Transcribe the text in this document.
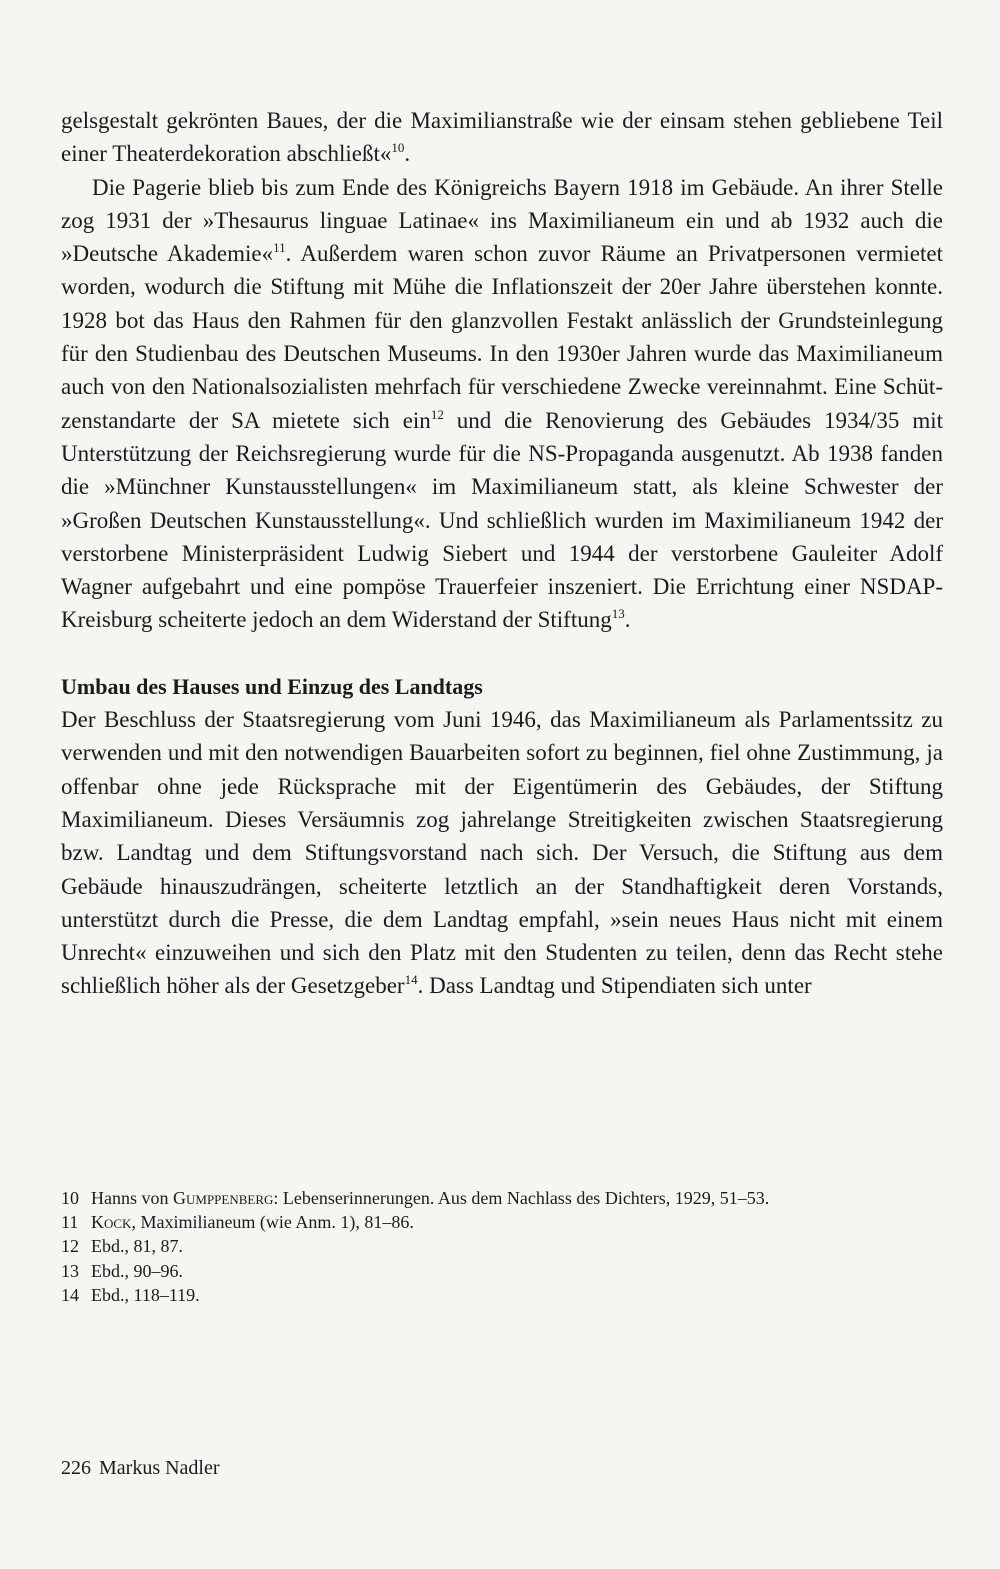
gelsgestalt gekrönten Baues, der die Maximilianstraße wie der einsam stehen gebliebene Teil einer Theaterdekoration abschließt«$^{10}$.

Die Pagerie blieb bis zum Ende des Königreichs Bayern 1918 im Gebäude. An ihrer Stelle zog 1931 der »Thesaurus linguae Latinae« ins Maximilianeum ein und ab 1932 auch die »Deutsche Akademie«$^{11}$. Außerdem waren schon zuvor Räume an Privatpersonen vermietet worden, wodurch die Stiftung mit Mühe die Inflationszeit der 20er Jahre überstehen konnte. 1928 bot das Haus den Rahmen für den glanzvollen Festakt anlässlich der Grundsteinlegung für den Studienbau des Deutschen Museums. In den 1930er Jahren wurde das Maximilianeum auch von den Nationalsozialisten mehrfach für verschiedene Zwecke vereinnahmt. Eine Schützenstandarte der SA mietete sich ein$^{12}$ und die Renovierung des Gebäudes 1934/35 mit Unterstützung der Reichsregierung wurde für die NS-Propaganda ausgenutzt. Ab 1938 fanden die »Münchner Kunstausstellungen« im Maximilianeum statt, als kleine Schwester der »Großen Deutschen Kunstausstellung«. Und schließlich wurden im Maximilianeum 1942 der verstorbene Ministerpräsident Ludwig Siebert und 1944 der verstorbene Gauleiter Adolf Wagner aufgebahrt und eine pompöse Trauerfeier inszeniert. Die Errichtung einer NSDAP-Kreisburg scheiterte jedoch an dem Widerstand der Stiftung$^{13}$.

Umbau des Hauses und Einzug des Landtags

Der Beschluss der Staatsregierung vom Juni 1946, das Maximilianeum als Parlamentssitz zu verwenden und mit den notwendigen Bauarbeiten sofort zu beginnen, fiel ohne Zustimmung, ja offenbar ohne jede Rücksprache mit der Eigentümerin des Gebäudes, der Stiftung Maximilianeum. Dieses Versäumnis zog jahrelange Streitigkeiten zwischen Staatsregierung bzw. Landtag und dem Stiftungsvorstand nach sich. Der Versuch, die Stiftung aus dem Gebäude hinauszudrängen, scheiterte letztlich an der Standhaftigkeit deren Vorstands, unterstützt durch die Presse, die dem Landtag empfahl, »sein neues Haus nicht mit einem Unrecht« einzuweihen und sich den Platz mit den Studenten zu teilen, denn das Recht stehe schließlich höher als der Gesetzgeber$^{14}$. Dass Landtag und Stipendiaten sich unter

10 Hanns von Gumppenberg: Lebenserinnerungen. Aus dem Nachlass des Dichters, 1929, 51–53.

11 Kock, Maximilianeum (wie Anm. 1), 81–86.

12 Ebd., 81, 87.

13 Ebd., 90–96.

14 Ebd., 118–119.

226 Markus Nadler
